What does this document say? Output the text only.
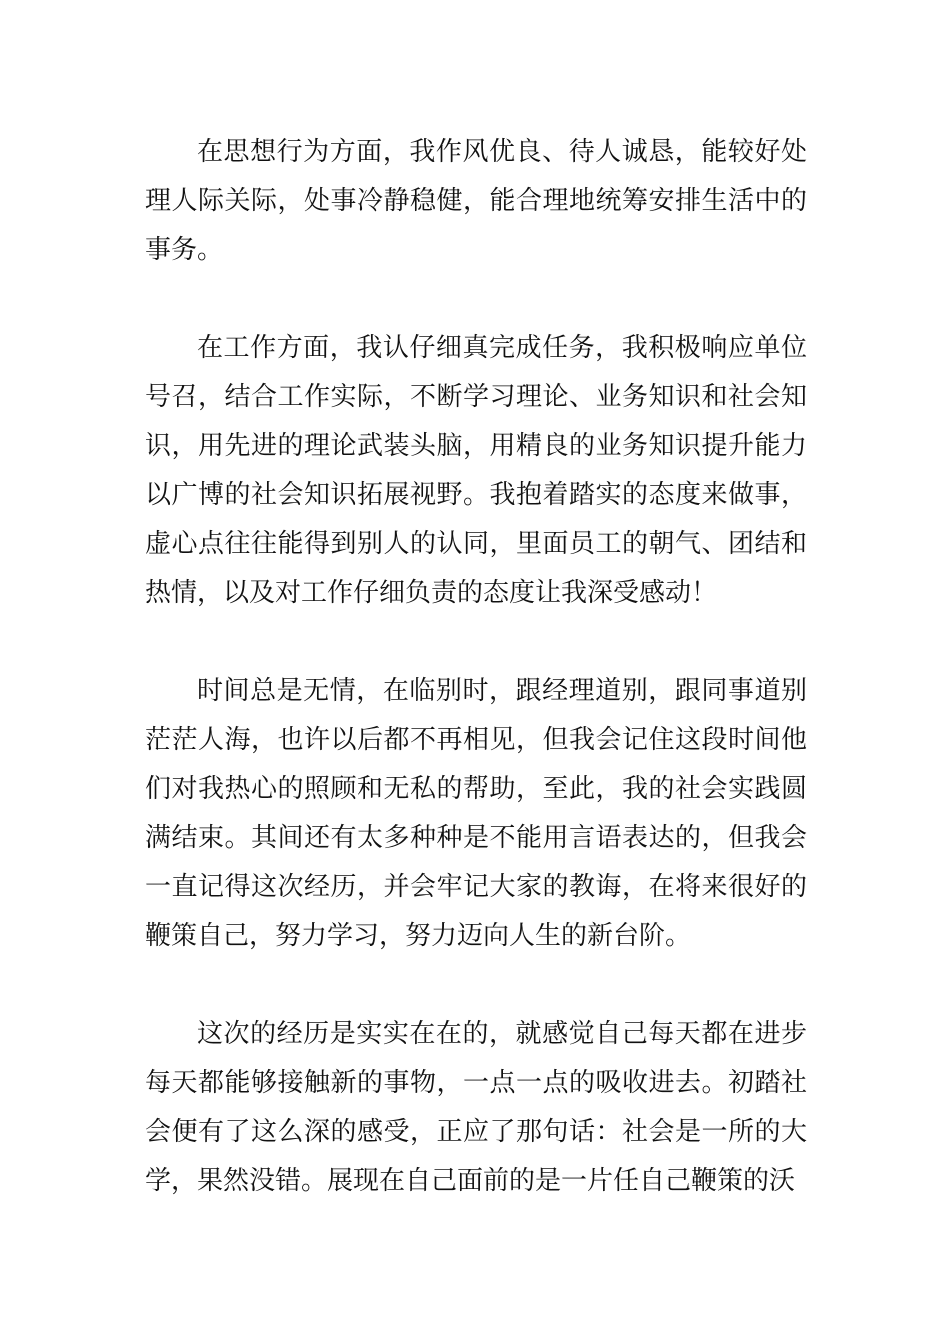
在思想行为方面，我作风优良、待人诚恳，能较好处理人际关际，处事冷静稳健，能合理地统筹安排生活中的事务。

在工作方面，我认仔细真完成任务，我积极响应单位号召，结合工作实际，不断学习理论、业务知识和社会知识，用先进的理论武装头脑，用精良的业务知识提升能力以广博的社会知识拓展视野。我抱着踏实的态度来做事，虚心点往往能得到别人的认同，里面员工的朝气、团结和热情，以及对工作仔细负责的态度让我深受感动！

时间总是无情，在临别时，跟经理道别，跟同事道别茫茫人海，也许以后都不再相见，但我会记住这段时间他们对我热心的照顾和无私的帮助，至此，我的社会实践圆满结束。其间还有太多种种是不能用言语表达的，但我会一直记得这次经历，并会牢记大家的教诲，在将来很好的鞭策自己，努力学习，努力迈向人生的新台阶。

这次的经历是实实在在的，就感觉自己每天都在进步每天都能够接触新的事物，一点一点的吸收进去。初踏社会便有了这么深的感受，正应了那句话：社会是一所的大学，果然没错。展现在自己面前的是一片任自己鞭策的沃
